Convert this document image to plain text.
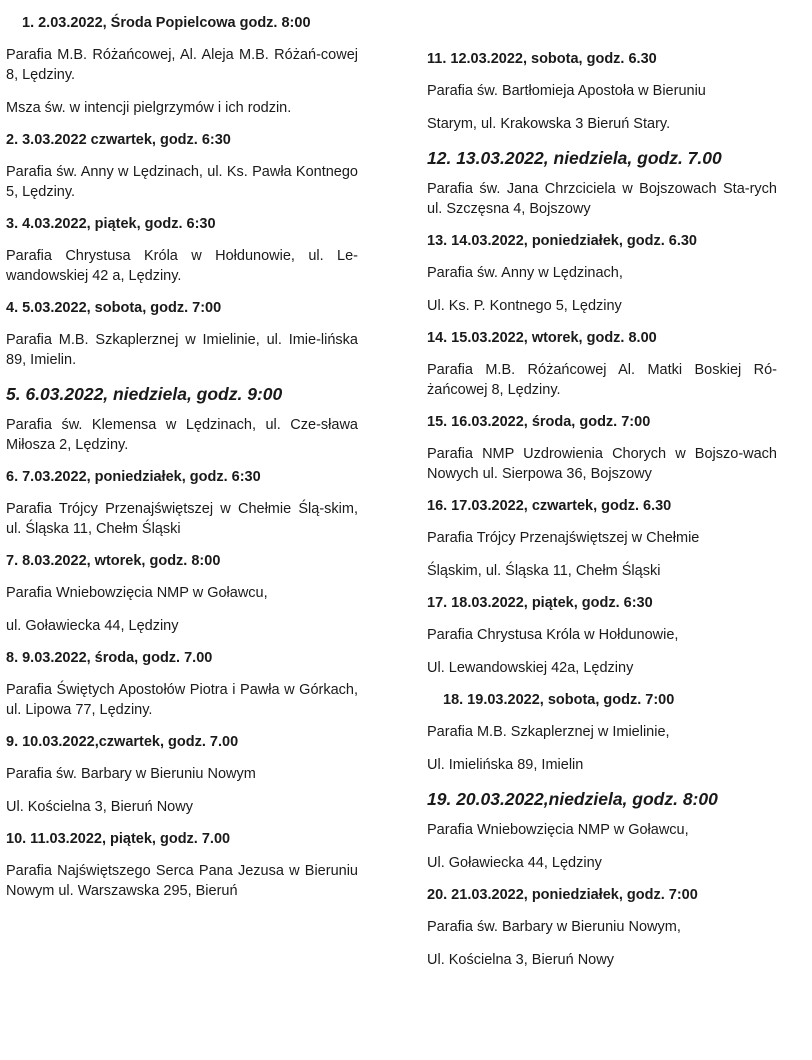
1. 2.03.2022, Środa Popielcowa godz. 8:00
Parafia M.B. Różańcowej, Al. Aleja M.B. Różań-cowej 8, Lędziny.
Msza św. w intencji pielgrzymów i ich rodzin.
2. 3.03.2022 czwartek, godz. 6:30
Parafia św. Anny w Lędzinach, ul. Ks. Pawła Kontnego 5, Lędziny.
3. 4.03.2022, piątek, godz. 6:30
Parafia Chrystusa Króla w Hołdunowie, ul. Le-wandowskiej 42 a, Lędziny.
4. 5.03.2022, sobota, godz. 7:00
Parafia M.B. Szkaplerznej w Imielinie, ul. Imie-lińska 89, Imielin.
5. 6.03.2022, niedziela, godz. 9:00
Parafia św. Klemensa w Lędzinach, ul. Cze-sława Miłosza 2, Lędziny.
6. 7.03.2022, poniedziałek, godz. 6:30
Parafia Trójcy Przenajświętszej w Chełmie Ślą-skim, ul. Śląska 11, Chełm Śląski
7. 8.03.2022, wtorek, godz. 8:00
Parafia Wniebowzięcia NMP w Goławcu,
ul. Goławiecka 44, Lędziny
8. 9.03.2022, środa, godz. 7.00
Parafia Świętych Apostołów Piotra i Pawła w Górkach, ul. Lipowa 77, Lędziny.
9. 10.03.2022,czwartek, godz. 7.00
Parafia św. Barbary w Bieruniu Nowym
Ul. Kościelna 3, Bieruń Nowy
10. 11.03.2022, piątek, godz. 7.00
Parafia Najświętszego Serca Pana Jezusa w Bieruniu Nowym ul. Warszawska 295, Bieruń
11. 12.03.2022, sobota, godz. 6.30
Parafia św. Bartłomieja Apostoła w Bieruniu
Starym, ul. Krakowska 3 Bieruń Stary.
12. 13.03.2022, niedziela, godz. 7.00
Parafia św. Jana Chrzciciela w Bojszowach Sta-rych ul. Szczęsna 4, Bojszowy
13. 14.03.2022, poniedziałek, godz. 6.30
Parafia św. Anny w Lędzinach,
Ul. Ks. P. Kontnego 5, Lędziny
14. 15.03.2022, wtorek, godz. 8.00
Parafia M.B. Różańcowej Al. Matki Boskiej Ró-żańcowej 8, Lędziny.
15. 16.03.2022, środa, godz. 7:00
Parafia NMP Uzdrowienia Chorych w Bojszo-wach Nowych ul. Sierpowa 36, Bojszowy
16. 17.03.2022, czwartek, godz. 6.30
Parafia Trójcy Przenajświętszej w Chełmie
Śląskim, ul. Śląska 11, Chełm Śląski
17. 18.03.2022, piątek, godz. 6:30
Parafia Chrystusa Króla w Hołdunowie,
Ul. Lewandowskiej 42a, Lędziny
18. 19.03.2022, sobota, godz. 7:00
Parafia M.B. Szkaplerznej w Imielinie,
Ul. Imielińska 89, Imielin
19. 20.03.2022,niedziela, godz. 8:00
Parafia Wniebowzięcia NMP w Goławcu,
Ul. Goławiecka 44, Lędziny
20. 21.03.2022, poniedziałek, godz. 7:00
Parafia św. Barbary w Bieruniu Nowym,
Ul. Kościelna 3, Bieruń Nowy
